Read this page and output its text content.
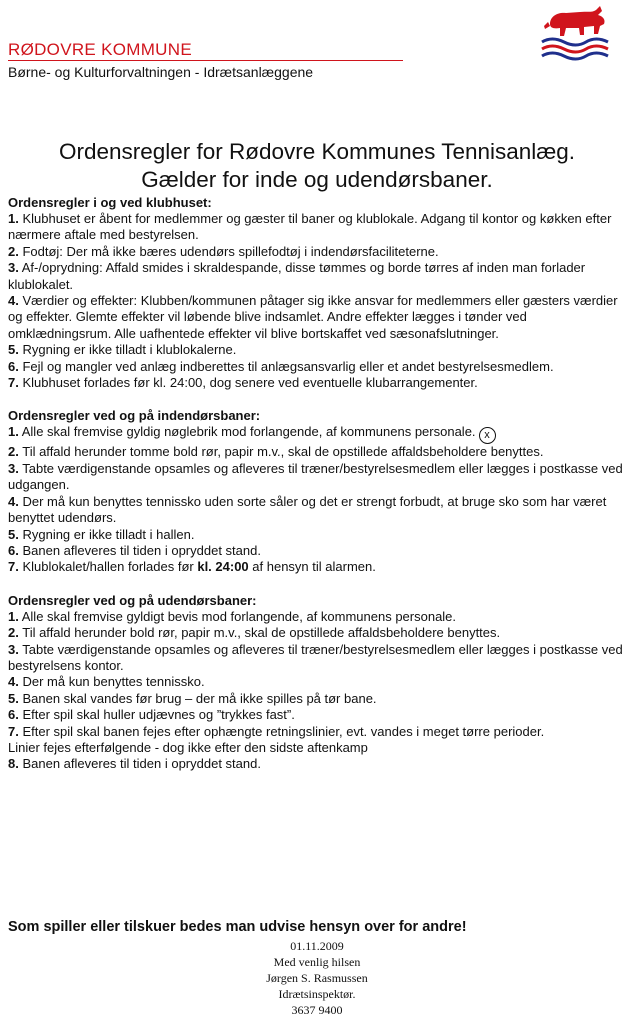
RØDOVRE KOMMUNE
Børne- og Kulturforvaltningen - Idrætsanlæggene
Ordensregler for Rødovre Kommunes Tennisanlæg.
Gælder for inde og udendørsbaner.
Ordensregler i og ved klubhuset:
1. Klubhuset er åbent for medlemmer og gæster til baner og klublokale. Adgang til kontor og køkken efter nærmere aftale med bestyrelsen.
2. Fodtøj: Der må ikke bæres udendørs spillefodtøj i indendørsfaciliteterne.
3. Af-/oprydning: Affald smides i skraldespande, disse tømmes og borde tørres af inden man forlader klublokalet.
4. Værdier og effekter: Klubben/kommunen påtager sig ikke ansvar for medlemmers eller gæsters værdier og effekter. Glemte effekter vil løbende blive indsamlet. Andre effekter lægges i tønder ved omklædningsrum. Alle uafhentede effekter vil blive bortskaffet ved sæsonafslutninger.
5. Rygning er ikke tilladt i klublokalerne.
6. Fejl og mangler ved anlæg indberettes til anlægsansvarlig eller et andet bestyrelsesmedlem.
7. Klubhuset forlades før kl. 24:00, dog senere ved eventuelle klubarrangementer.
Ordensregler ved og på indendørsbaner:
1. Alle skal fremvise gyldig nøglebrik mod forlangende, af kommunens personale. x
2. Til affald herunder tomme bold rør, papir m.v., skal de opstillede affaldsbeholdere benyttes.
3. Tabte værdigenstande opsamles og afleveres til træner/bestyrelsesmedlem eller lægges i postkasse ved udgangen.
4. Der må kun benyttes tennissko uden sorte såler og det er strengt forbudt, at bruge sko som har været benyttet udendørs.
5. Rygning er ikke tilladt i hallen.
6. Banen afleveres til tiden i opryddet stand.
7. Klublokalet/hallen forlades før kl. 24:00 af hensyn til alarmen.
Ordensregler ved og på udendørsbaner:
1. Alle skal fremvise gyldigt bevis mod forlangende, af kommunens personale.
2. Til affald herunder bold rør, papir m.v., skal de opstillede affaldsbeholdere benyttes.
3. Tabte værdigenstande opsamles og afleveres til træner/bestyrelsesmedlem eller lægges i postkasse ved bestyrelsens kontor.
4. Der må kun benyttes tennissko.
5. Banen skal vandes før brug – der må ikke spilles på tør bane.
6. Efter spil skal huller udjævnes og ”trykkes fast”.
7. Efter spil skal banen fejes efter ophængte retningslinier, evt. vandes i meget tørre perioder.
Linier fejes efterfølgende - dog ikke efter den sidste aftenkamp
8. Banen afleveres til tiden i opryddet stand.
Som spiller eller tilskuer bedes man udvise hensyn over for andre!
01.11.2009
Med venlig hilsen
Jørgen S. Rasmussen
Idrætsinspektør.
3637 9400
